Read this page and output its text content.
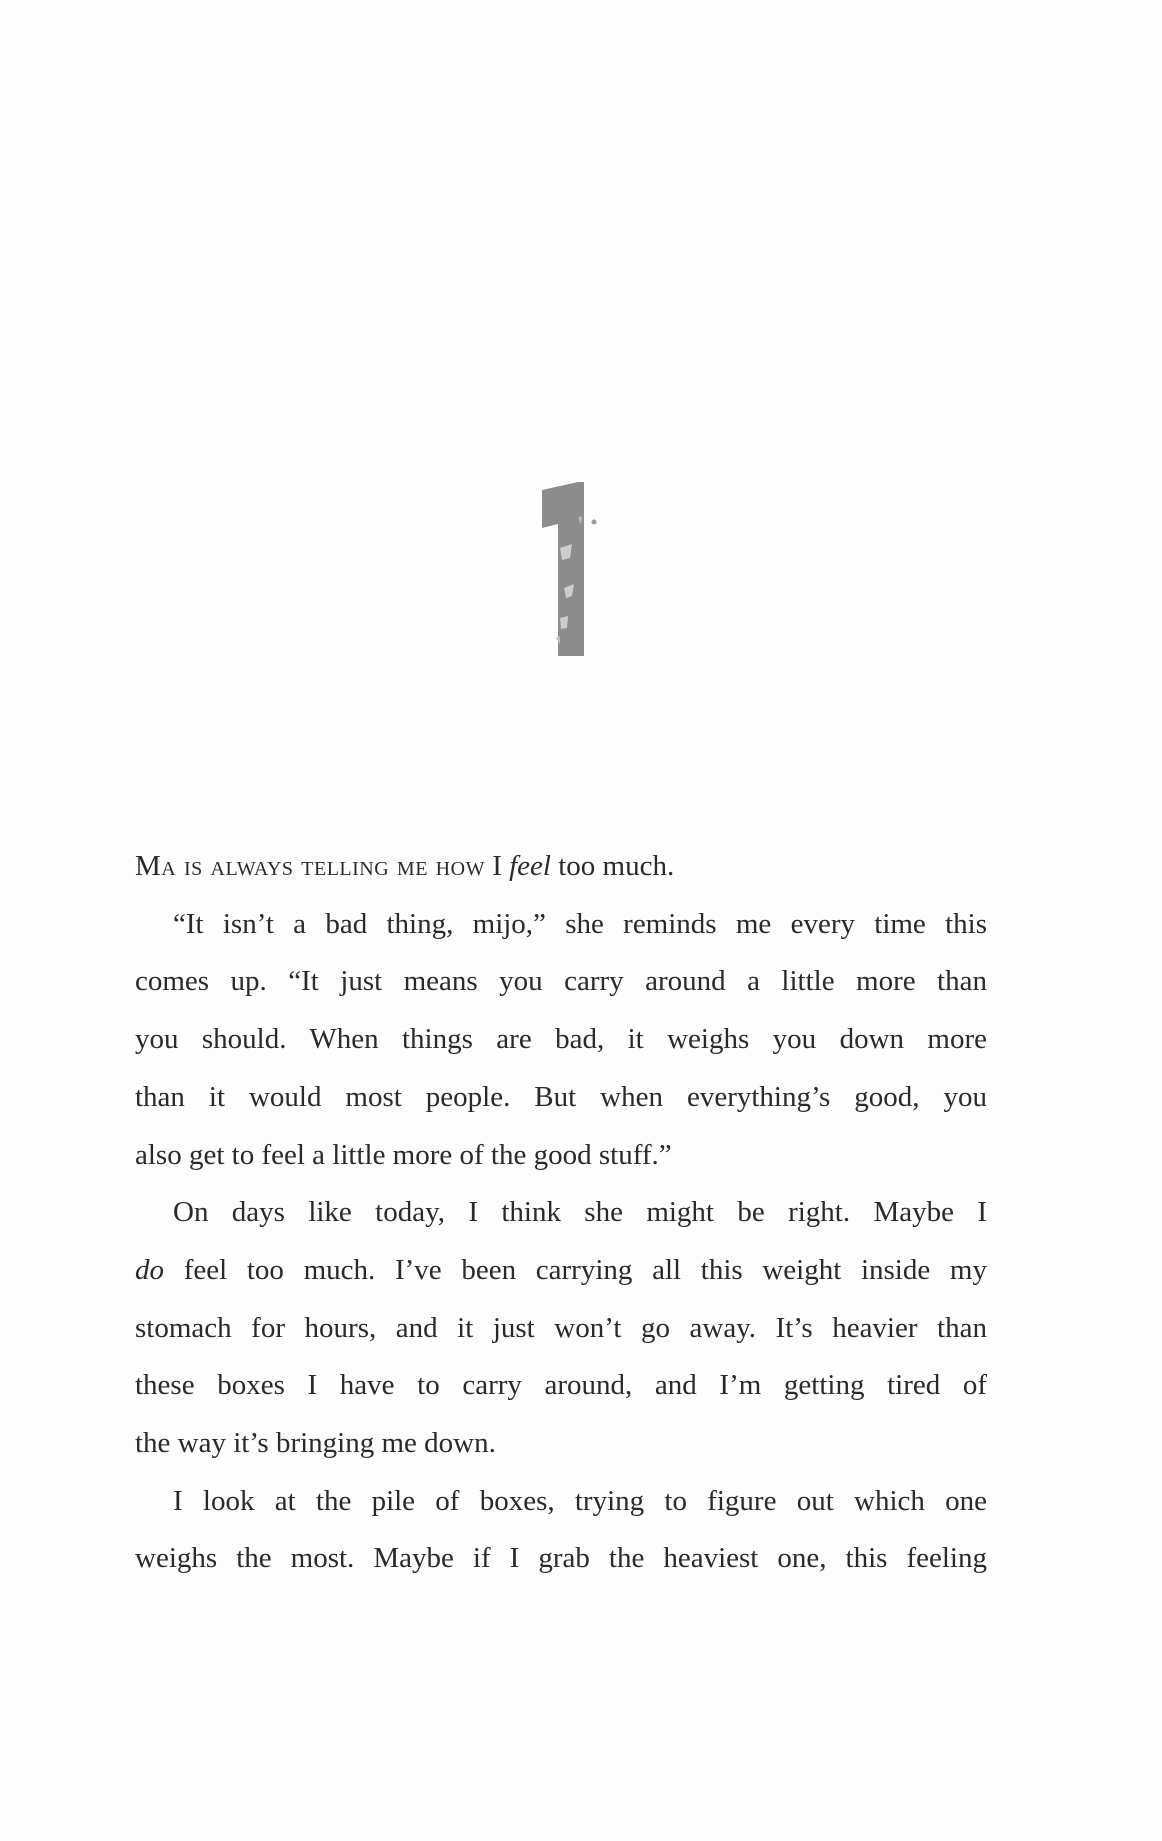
Ma is always telling me how I feel too much.
“It isn’t a bad thing, mijo,” she reminds me every time this
comes up. “It just means you carry around a little more than
you should. When things are bad, it weighs you down more
than it would most people. But when everything’s good, you
also get to feel a little more of the good stuff.”
On days like today, I think she might be right. Maybe I
do feel too much. I’ve been carrying all this weight inside my
stomach for hours, and it just won’t go away. It’s heavier than
these boxes I have to carry around, and I’m getting tired of
the way it’s bringing me down.
I look at the pile of boxes, trying to figure out which one
weighs the most. Maybe if I grab the heaviest one, this feeling
